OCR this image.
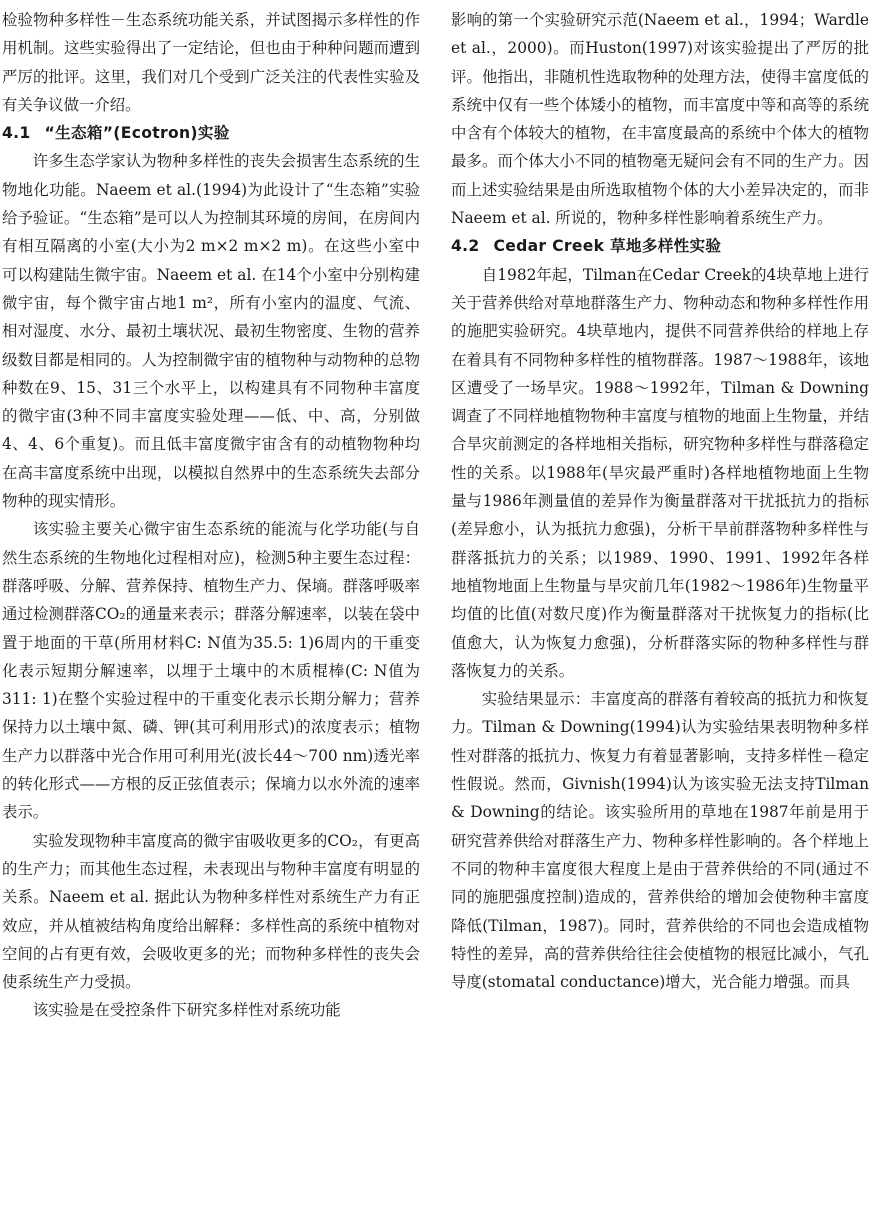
检验物种多样性－生态系统功能关系，并试图揭示多样性的作用机制。这些实验得出了一定结论，但也由于种种问题而遭到严厉的批评。这里，我们对几个受到广泛关注的代表性实验及有关争议做一介绍。

4.1 “生态箱”(Ecotron)实验

许多生态学家认为物种多样性的丧失会损害生态系统的生物地化功能。Naeem et al.(1994)为此设计了“生态箱”实验给予验证。“生态箱”是可以人为控制其环境的房间，在房间内有相互隔离的小室(大小为2 m×2 m×2 m)。在这些小室中可以构建陆生微宇宙。Naeem et al. 在14个小室中分别构建微宇宙，每个微宇宙占地1 m²，所有小室内的温度、气流、相对湿度、水分、最初土壤状况、最初生物密度、生物的营养级数目都是相同的。人为控制微宇宙的植物种与动物种的总物种数在9、15、31三个水平上，以构建具有不同物种丰富度的微宇宙(3种不同丰富度实验处理——低、中、高，分别做4、4、6个重复)。而且低丰富度微宇宙含有的动植物物种均在高丰富度系统中出现，以模拟自然界中的生态系统失去部分物种的现实情形。

该实验主要关心微宇宙生态系统的能流与化学功能(与自然生态系统的生物地化过程相对应)，检测5种主要生态过程：群落呼吸、分解、营养保持、植物生产力、保墒。群落呼吸率通过检测群落CO₂的通量来表示；群落分解速率，以装在袋中置于地面的干草(所用材料C: N值为35.5: 1)6周内的干重变化表示短期分解速率，以埋于土壤中的木质棍棒(C: N值为311: 1)在整个实验过程中的干重变化表示长期分解力；营养保持力以土壤中氮、磷、钾(其可利用形式)的浓度表示；植物生产力以群落中光合作用可利用光(波长44～700 nm)透光率的转化形式——方根的反正弦值表示；保墒力以水外流的速率表示。

实验发现物种丰富度高的微宇宙吸收更多的CO₂，有更高的生产力；而其他生态过程，未表现出与物种丰富度有明显的关系。Naeem et al. 据此认为物种多样性对系统生产力有正效应，并从植被结构角度给出解释：多样性高的系统中植物对空间的占有更有效，会吸收更多的光；而物种多样性的丧失会使系统生产力受损。

该实验是在受控条件下研究多样性对系统功能

影响的第一个实验研究示范(Naeem et al.，1994；Wardle et al.，2000)。而Huston(1997)对该实验提出了严厉的批评。他指出，非随机性选取物种的处理方法，使得丰富度低的系统中仅有一些个体矮小的植物，而丰富度中等和高等的系统中含有个体较大的植物，在丰富度最高的系统中个体大的植物最多。而个体大小不同的植物毫无疑问会有不同的生产力。因而上述实验结果是由所选取植物个体的大小差异决定的，而非Naeem et al. 所说的，物种多样性影响着系统生产力。

4.2 Cedar Creek 草地多样性实验

自1982年起，Tilman在Cedar Creek的4块草地上进行关于营养供给对草地群落生产力、物种动态和物种多样性作用的施肥实验研究。4块草地内，提供不同营养供给的样地上存在着具有不同物种多样性的植物群落。1987～1988年，该地区遭受了一场旱灾。1988～1992年，Tilman & Downing调查了不同样地植物物种丰富度与植物的地面上生物量，并结合旱灾前测定的各样地相关指标，研究物种多样性与群落稳定性的关系。以1988年(旱灾最严重时)各样地植物地面上生物量与1986年测量值的差异作为衡量群落对干扰抵抗力的指标(差异愈小，认为抵抗力愈强)，分析干旱前群落物种多样性与群落抵抗力的关系；以1989、1990、1991、1992年各样地植物地面上生物量与旱灾前几年(1982～1986年)生物量平均值的比值(对数尺度)作为衡量群落对干扰恢复力的指标(比值愈大，认为恢复力愈强)，分析群落实际的物种多样性与群落恢复力的关系。

实验结果显示：丰富度高的群落有着较高的抵抗力和恢复力。Tilman & Downing(1994)认为实验结果表明物种多样性对群落的抵抗力、恢复力有着显著影响，支持多样性－稳定性假说。然而，Givnish(1994)认为该实验无法支持Tilman & Downing的结论。该实验所用的草地在1987年前是用于研究营养供给对群落生产力、物种多样性影响的。各个样地上不同的物种丰富度很大程度上是由于营养供给的不同(通过不同的施肥强度控制)造成的，营养供给的增加会使物种丰富度降低(Tilman，1987)。同时，营养供给的不同也会造成植物特性的差异，高的营养供给往往会使植物的根冠比减小，气孔导度(stomatal conductance)增大，光合能力增强。而具
